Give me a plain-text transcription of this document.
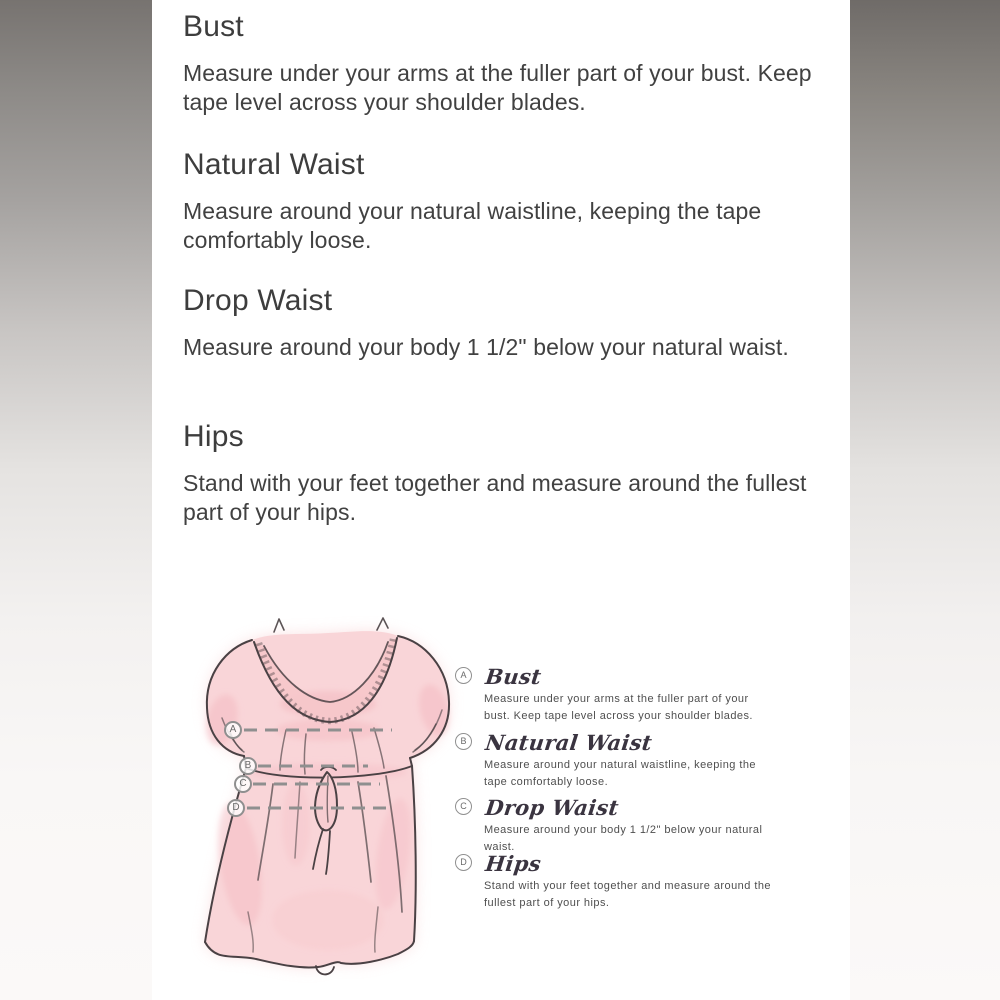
Bust

Measure under your arms at the fuller part of your bust. Keep tape level across your shoulder blades.

Natural Waist

Measure around your natural waistline, keeping the tape comfortably loose.

Drop Waist

Measure around your body 1 1/2" below your natural waist.

Hips

Stand with your feet together and measure around the fullest part of your hips.

A
B
C
D
A Bust
Measure under your arms at the fuller part of your bust. Keep tape level across your shoulder blades.
B Natural Waist
Measure around your natural waistline, keeping the tape comfortably loose.
C Drop Waist
Measure around your body 1 1/2" below your natural waist.
D Hips
Stand with your feet together and measure around the fullest part of your hips.
